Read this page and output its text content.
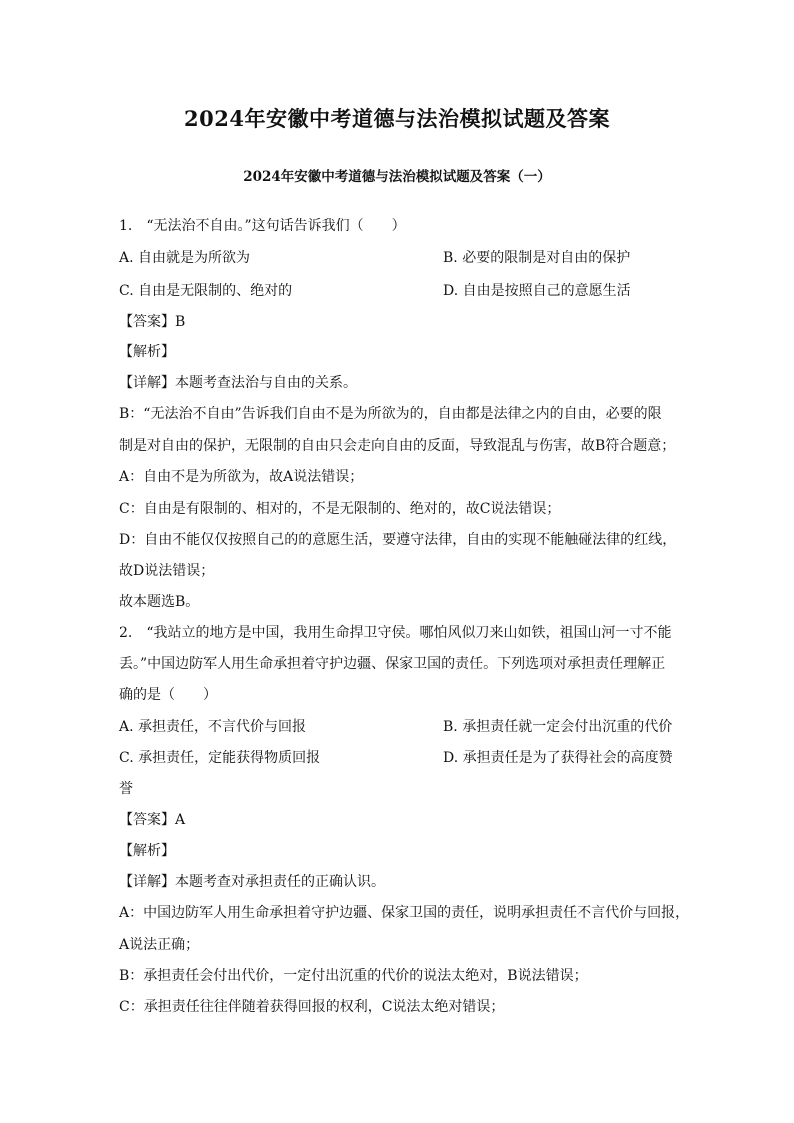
2024年安徽中考道德与法治模拟试题及答案
2024年安徽中考道德与法治模拟试题及答案（一）
1.　“无法治不自由。”这句话告诉我们（　　）
A. 自由就是为所欲为	B. 必要的限制是对自由的保护
C. 自由是无限制的、绝对的	D. 自由是按照自己的意愿生活
【答案】B
【解析】
【详解】本题考查法治与自由的关系。
B：“无法治不自由”告诉我们自由不是为所欲为的，自由都是法律之内的自由，必要的限
制是对自由的保护，无限制的自由只会走向自由的反面，导致混乱与伤害，故B符合题意；
A：自由不是为所欲为，故A说法错误；
C：自由是有限制的、相对的，不是无限制的、绝对的，故C说法错误；
D：自由不能仅仅按照自己的的意愿生活，要遵守法律，自由的实现不能触碰法律的红线，
故D说法错误；
故本题选B。
2.　“我站立的地方是中国，我用生命捍卫守侯。哪怕风似刀来山如铁，祖国山河一寸不能
丢。”中国边防军人用生命承担着守护边疆、保家卫国的责任。下列选项对承担责任理解正
确的是（　　）
A. 承担责任，不言代价与回报	B. 承担责任就一定会付出沉重的代价
C. 承担责任，定能获得物质回报	D. 承担责任是为了获得社会的高度赞
誉
【答案】A
【解析】
【详解】本题考查对承担责任的正确认识。
A：中国边防军人用生命承担着守护边疆、保家卫国的责任，说明承担责任不言代价与回报，
A说法正确；
B：承担责任会付出代价，一定付出沉重的代价的说法太绝对，B说法错误；
C：承担责任往往伴随着获得回报的权利，C说法太绝对错误；
